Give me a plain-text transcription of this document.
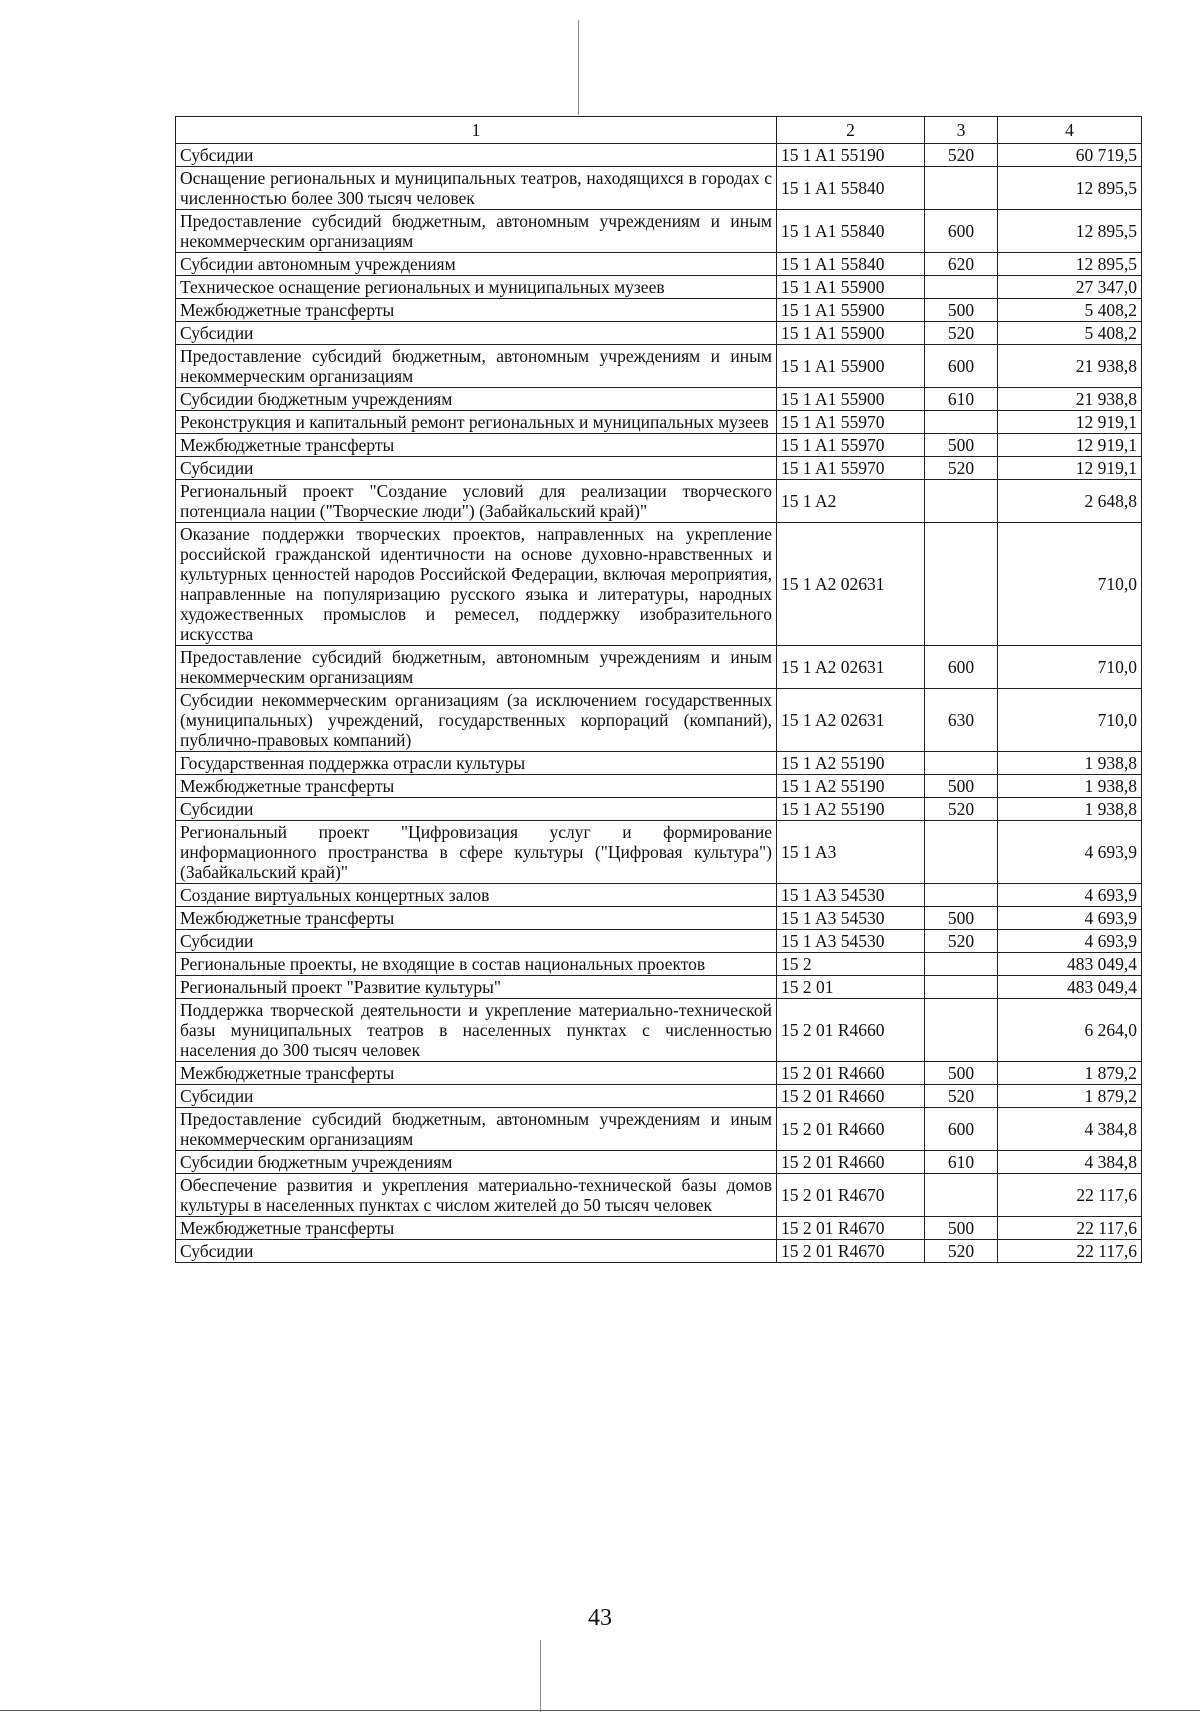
1	2	3	4
Субсидии	15 1 A1 55190	520	60 719,5
Оснащение региональных и муниципальных театров, находящихся в городах с численностью более 300 тысяч человек	15 1 A1 55840		12 895,5
Предоставление субсидий бюджетным, автономным учреждениям и иным некоммерческим организациям	15 1 A1 55840	600	12 895,5
Субсидии автономным учреждениям	15 1 A1 55840	620	12 895,5
Техническое оснащение региональных и муниципальных музеев	15 1 A1 55900		27 347,0
Межбюджетные трансферты	15 1 A1 55900	500	5 408,2
Субсидии	15 1 A1 55900	520	5 408,2
Предоставление субсидий бюджетным, автономным учреждениям и иным некоммерческим организациям	15 1 A1 55900	600	21 938,8
Субсидии бюджетным учреждениям	15 1 A1 55900	610	21 938,8
Реконструкция и капитальный ремонт региональных и муниципальных музеев	15 1 A1 55970		12 919,1
Межбюджетные трансферты	15 1 A1 55970	500	12 919,1
Субсидии	15 1 A1 55970	520	12 919,1
Региональный проект "Создание условий для реализации творческого потенциала нации ("Творческие люди") (Забайкальский край)"	15 1 A2		2 648,8
Оказание поддержки творческих проектов, направленных на укрепление российской гражданской идентичности на основе духовно-нравственных и культурных ценностей народов Российской Федерации, включая мероприятия, направленные на популяризацию русского языка и литературы, народных художественных промыслов и ремесел, поддержку изобразительного искусства	15 1 A2 02631		710,0
Предоставление субсидий бюджетным, автономным учреждениям и иным некоммерческим организациям	15 1 A2 02631	600	710,0
Субсидии некоммерческим организациям (за исключением государственных (муниципальных) учреждений, государственных корпораций (компаний), публично-правовых компаний)	15 1 A2 02631	630	710,0
Государственная поддержка отрасли культуры	15 1 A2 55190		1 938,8
Межбюджетные трансферты	15 1 A2 55190	500	1 938,8
Субсидии	15 1 A2 55190	520	1 938,8
Региональный проект "Цифровизация услуг и формирование информационного пространства в сфере культуры ("Цифровая культура") (Забайкальский край)"	15 1 A3		4 693,9
Создание виртуальных концертных залов	15 1 A3 54530		4 693,9
Межбюджетные трансферты	15 1 A3 54530	500	4 693,9
Субсидии	15 1 A3 54530	520	4 693,9
Региональные проекты, не входящие в состав национальных проектов	15 2		483 049,4
Региональный проект "Развитие культуры"	15 2 01		483 049,4
Поддержка творческой деятельности и укрепление материально-технической базы муниципальных театров в населенных пунктах с численностью населения до 300 тысяч человек	15 2 01 R4660		6 264,0
Межбюджетные трансферты	15 2 01 R4660	500	1 879,2
Субсидии	15 2 01 R4660	520	1 879,2
Предоставление субсидий бюджетным, автономным учреждениям и иным некоммерческим организациям	15 2 01 R4660	600	4 384,8
Субсидии бюджетным учреждениям	15 2 01 R4660	610	4 384,8
Обеспечение развития и укрепления материально-технической базы домов культуры в населенных пунктах с числом жителей до 50 тысяч человек	15 2 01 R4670		22 117,6
Межбюджетные трансферты	15 2 01 R4670	500	22 117,6
Субсидии	15 2 01 R4670	520	22 117,6
43
